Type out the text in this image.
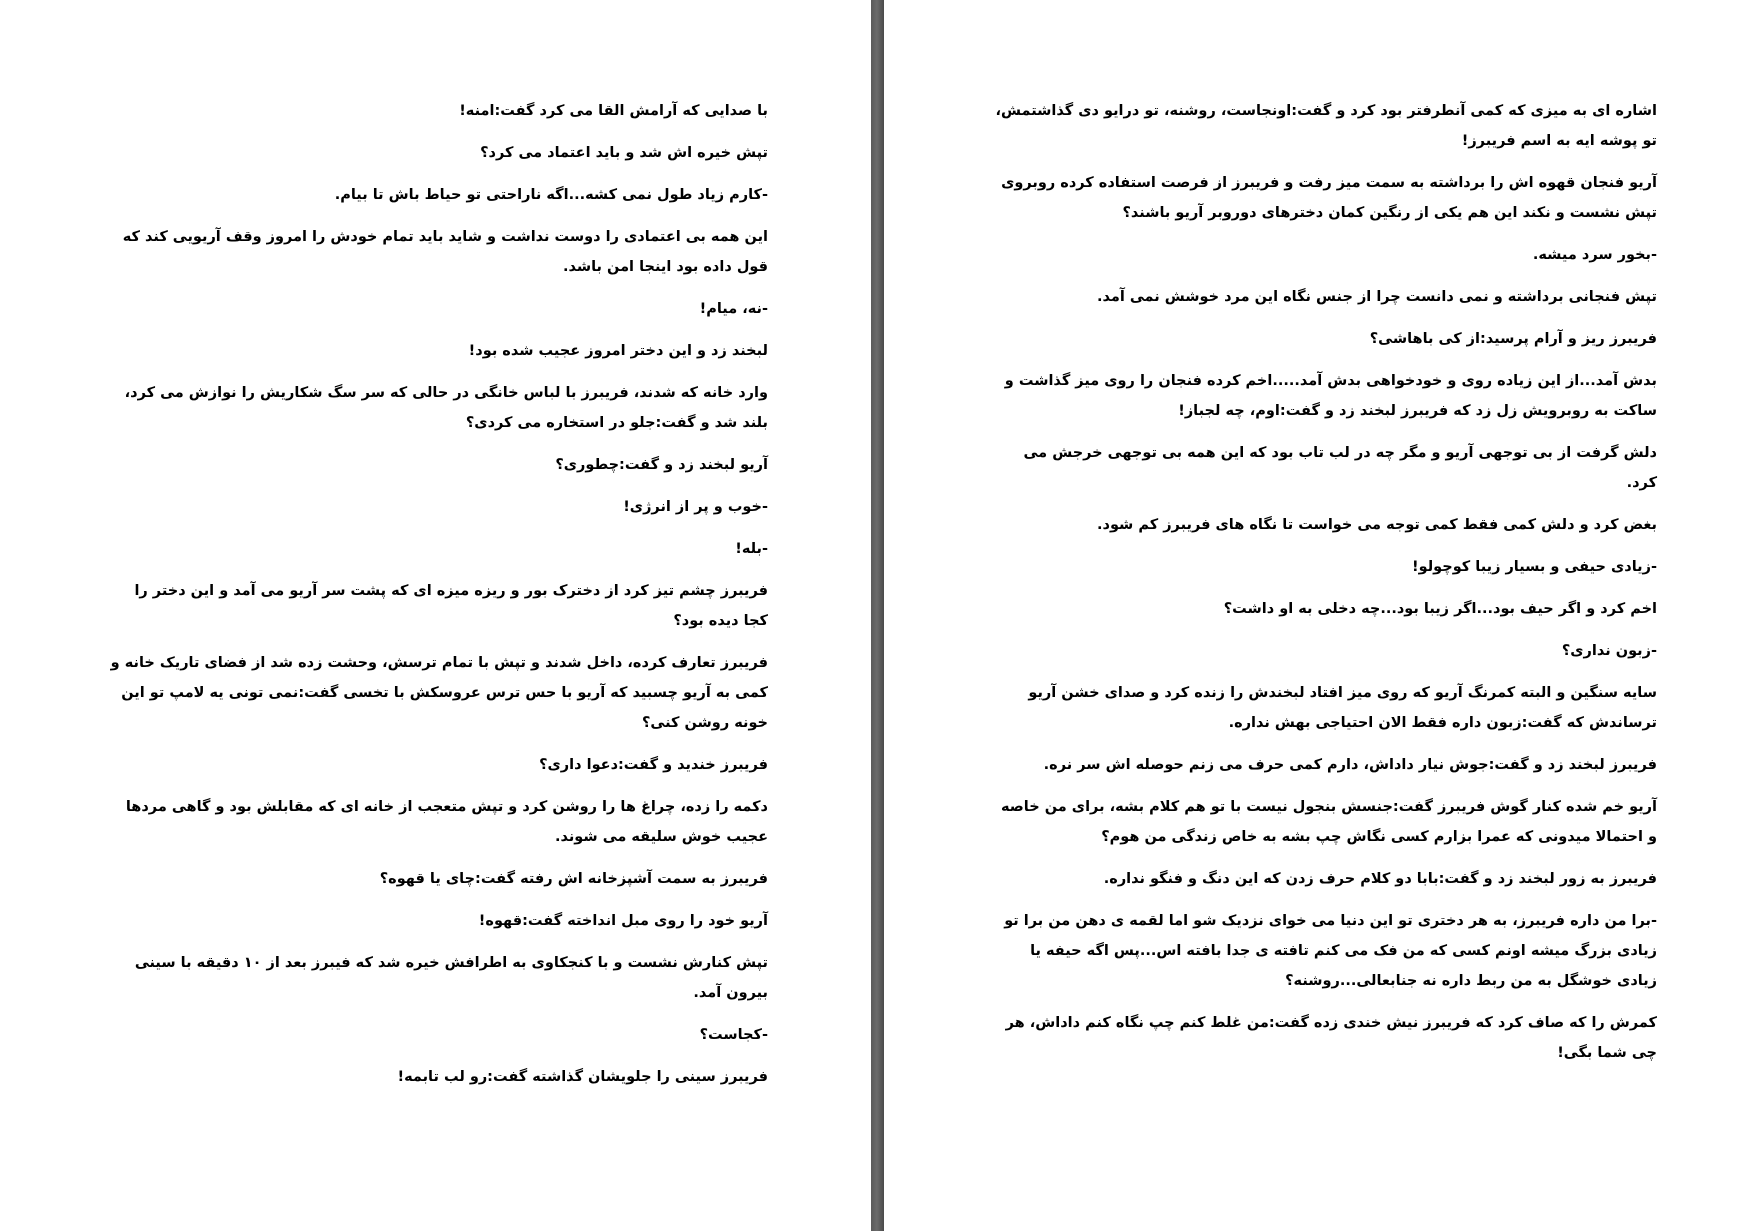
با صدایی که آرامش القا می کرد گفت:امنه!

تپش خیره اش شد و باید اعتماد می کرد؟

-کارم زیاد طول نمی کشه...اگه ناراحتی تو حیاط باش تا بیام.

این همه بی اعتمادی را دوست نداشت و شاید باید تمام خودش را امروز وقف آریویی کند که قول داده بود اینجا امن باشد.

-نه، میام!

لبخند زد و این دختر امروز عجیب شده بود!

وارد خانه که شدند، فریبرز با لباس خانگی در حالی که سر سگ شکاریش را نوازش می کرد، بلند شد و گفت:جلو در استخاره می کردی؟

آریو لبخند زد و گفت:چطوری؟

-خوب و پر از انرژی!

-بله!

فریبرز چشم تیز کرد از دخترک بور و ریزه میزه ای که پشت سر آریو می آمد و این دختر را کجا دیده بود؟

فریبرز تعارف کرده، داخل شدند و تپش با تمام ترسش، وحشت زده شد از فضای تاریک خانه و کمی به آریو چسبید که آریو با حس ترس عروسکش با تخسی گفت:نمی تونی یه لامپ تو این خونه روشن کنی؟

فریبرز خندید و گفت:دعوا داری؟

دکمه را زده، چراغ ها را روشن کرد و تپش متعجب از خانه ای که مقابلش بود و گاهی مردها عجیب خوش سلیقه می شوند.

فریبرز به سمت آشپزخانه اش رفته گفت:چای یا قهوه؟

آریو خود را روی مبل انداخته گفت:قهوه!

تپش کنارش نشست و با کنجکاوی به اطرافش خیره شد که فیبرز بعد از ۱۰ دقیقه با سینی بیرون آمد.

-کجاست؟

فریبرز سینی را جلویشان گذاشته گفت:رو لب تابمه!

اشاره ای به میزی که کمی آنطرفتر بود کرد و گفت:اونجاست، روشنه، تو درایو دی گذاشتمش، تو پوشه ایه به اسم فریبرز!

آریو فنجان قهوه اش را برداشته به سمت میز رفت و فریبرز از فرصت استفاده کرده روبروی تپش نشست و نکند این هم یکی از رنگین کمان دخترهای دوروبر آریو باشند؟

-بخور سرد میشه.

تپش فنجانی برداشته و نمی دانست چرا از جنس نگاه این مرد خوشش نمی آمد.

فریبرز ریز و آرام پرسید:از کی باهاشی؟

بدش آمد...از این زیاده روی و خودخواهی بدش آمد.....اخم کرده فنجان را روی میز گذاشت و ساکت به روبرویش زل زد که فریبرز لبخند زد و گفت:اوم، چه لجباز!

دلش گرفت از بی توجهی آریو و مگر چه در لب تاب بود که این همه بی توجهی خرجش می کرد.

بغض کرد و دلش کمی فقط کمی توجه می خواست تا نگاه های فریبرز کم شود.

-زیادی حیفی و بسیار زیبا کوچولو!

اخم کرد و اگر حیف بود...اگر زیبا بود...چه دخلی به او داشت؟

-زبون نداری؟

سایه سنگین و البته کمرنگ آریو که روی میز افتاد لبخندش را زنده کرد و صدای خشن آریو ترساندش که گفت:زبون داره فقط الان احتیاجی بهش نداره.

فریبرز لبخند زد و گفت:جوش نیار داداش، دارم کمی حرف می زنم حوصله اش سر نره.

آریو خم شده کنار گوش فریبرز گفت:جنسش بنجول نیست با تو هم کلام بشه، برای من خاصه و احتمالا میدونی که عمرا بزارم کسی نگاش چپ بشه به خاص زندگی من هوم؟

فریبرز به زور لبخند زد و گفت:بابا دو کلام حرف زدن که این دنگ و فنگو نداره.

-برا من داره فریبرز، به هر دختری تو این دنیا می خوای نزدیک شو اما لقمه ی دهن من برا تو زیادی بزرگ میشه اونم کسی که من فک می کنم تافته ی جدا بافته اس...پس اگه حیفه یا زیادی خوشگل به من ربط داره نه جنابعالی...روشنه؟

کمرش را که صاف کرد که فریبرز نیش خندی زده گفت:من غلط کنم چپ نگاه کنم داداش، هر چی شما بگی!
